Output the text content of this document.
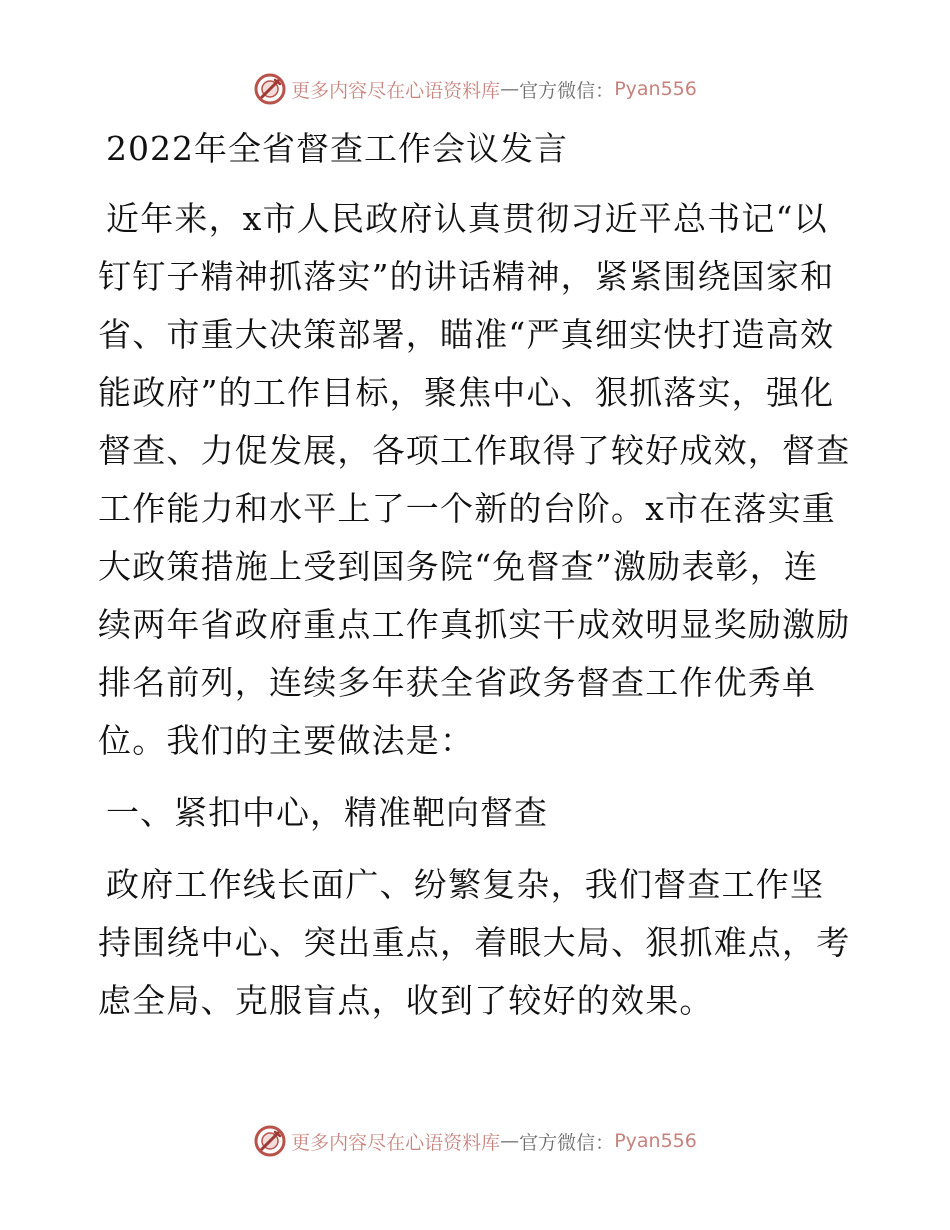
更多内容尽在心语资料库 — 官方微信： Pyan556
2022年全省督查工作会议发言
近年来，x市人民政府认真贯彻习近平总书记“以
钉钉子精神抓落实”的讲话精神，紧紧围绕国家和
省、市重大决策部署，瞄准“严真细实快打造高效
能政府”的工作目标，聚焦中心、狠抓落实，强化
督查、力促发展，各项工作取得了较好成效，督查
工作能力和水平上了一个新的台阶。x市在落实重
大政策措施上受到国务院“免督查”激励表彰，连
续两年省政府重点工作真抓实干成效明显奖励激励
排名前列，连续多年获全省政务督查工作优秀单
位。我们的主要做法是：
一、紧扣中心，精准靶向督查
政府工作线长面广、纷繁复杂，我们督查工作坚
持围绕中心、突出重点，着眼大局、狠抓难点，考
虑全局、克服盲点，收到了较好的效果。
更多内容尽在心语资料库 — 官方微信： Pyan556
